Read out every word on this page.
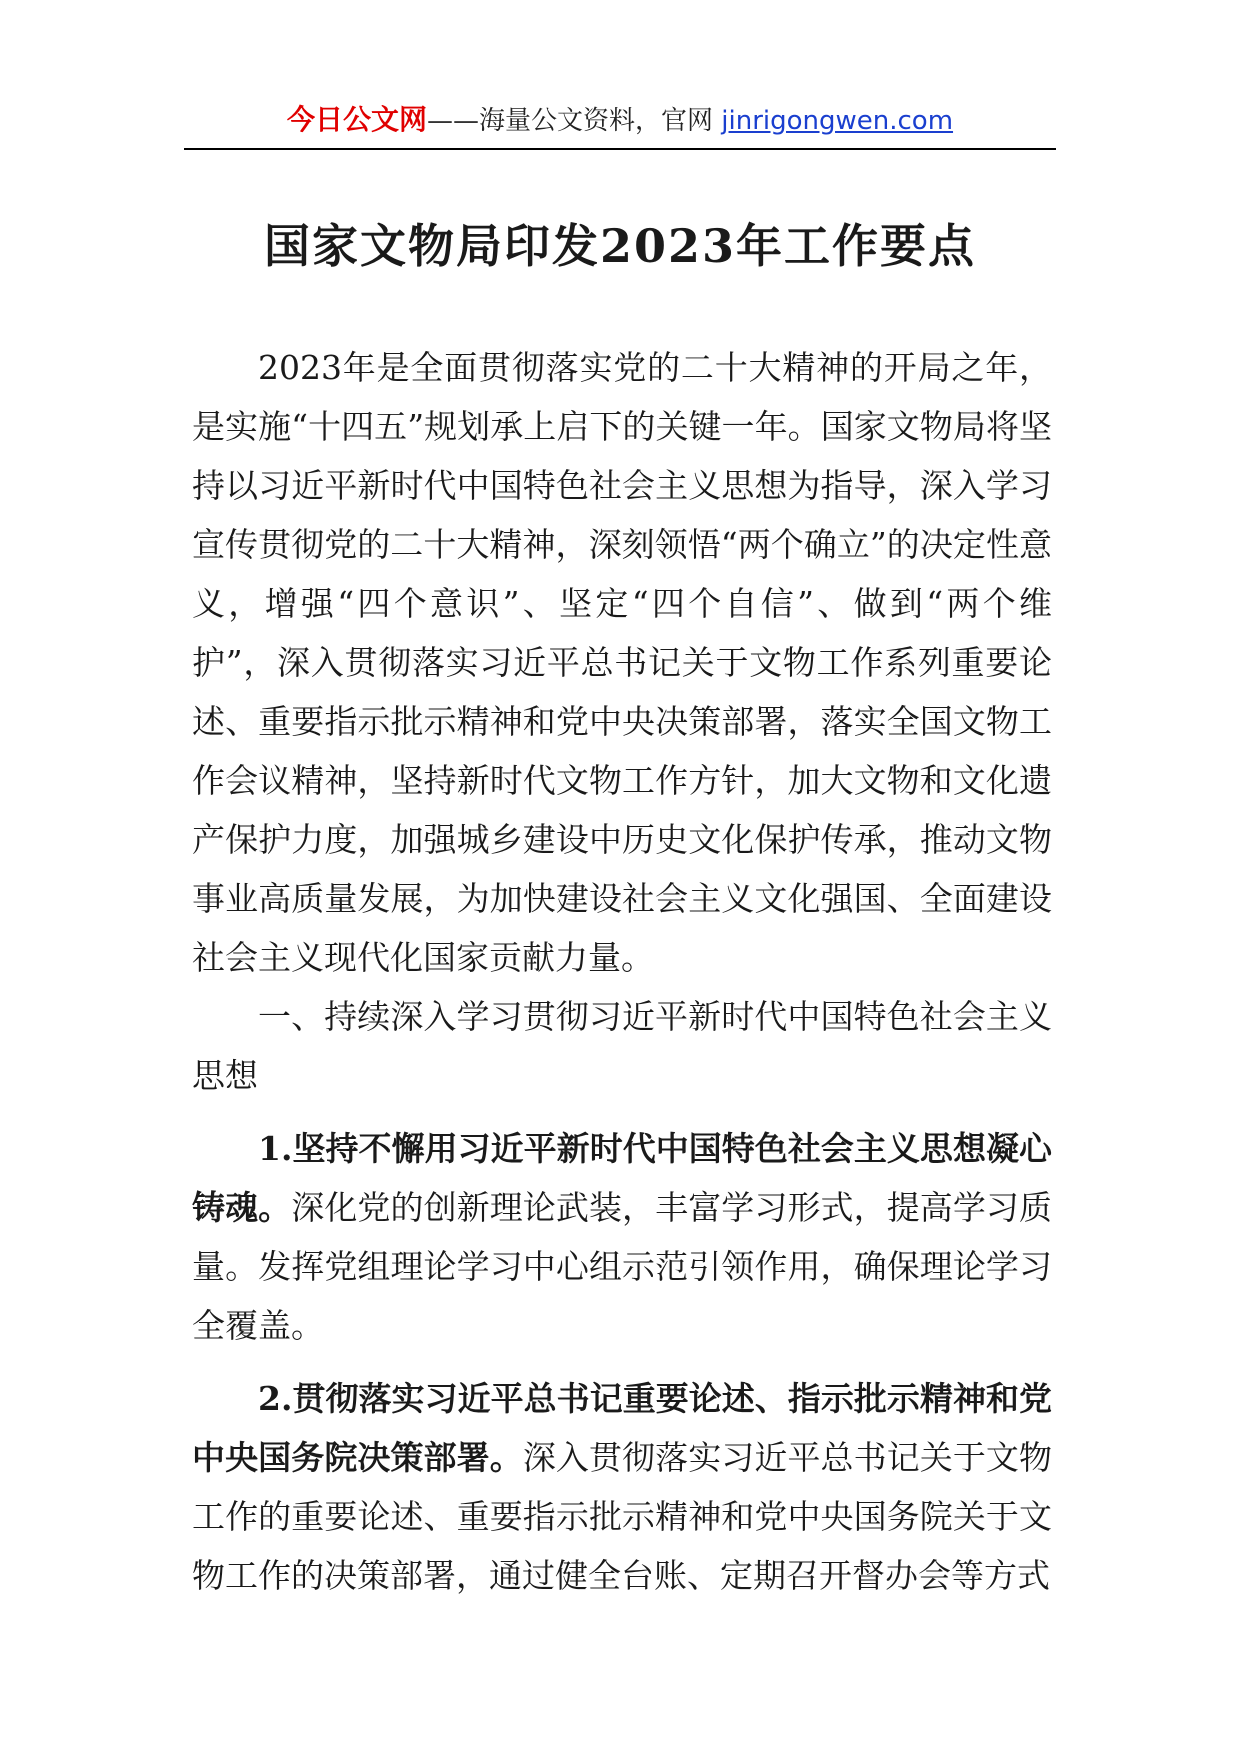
今日公文网——海量公文资料，官网 jinrigongwen.com
国家文物局印发2023年工作要点

2023年是全面贯彻落实党的二十大精神的开局之年，是实施“十四五”规划承上启下的关键一年。国家文物局将坚持以习近平新时代中国特色社会主义思想为指导，深入学习宣传贯彻党的二十大精神，深刻领悟“两个确立”的决定性意义，增强“四个意识”、坚定“四个自信”、做到“两个维护”，深入贯彻落实习近平总书记关于文物工作系列重要论述、重要指示批示精神和党中央决策部署，落实全国文物工作会议精神，坚持新时代文物工作方针，加大文物和文化遗产保护力度，加强城乡建设中历史文化保护传承，推动文物事业高质量发展，为加快建设社会主义文化强国、全面建设社会主义现代化国家贡献力量。

一、持续深入学习贯彻习近平新时代中国特色社会主义思想

1.坚持不懈用习近平新时代中国特色社会主义思想凝心铸魂。深化党的创新理论武装，丰富学习形式，提高学习质量。发挥党组理论学习中心组示范引领作用，确保理论学习全覆盖。

2.贯彻落实习近平总书记重要论述、指示批示精神和党中央国务院决策部署。深入贯彻落实习近平总书记关于文物工作的重要论述、重要指示批示精神和党中央国务院关于文物工作的决策部署，通过健全台账、定期召开督办会等方式
